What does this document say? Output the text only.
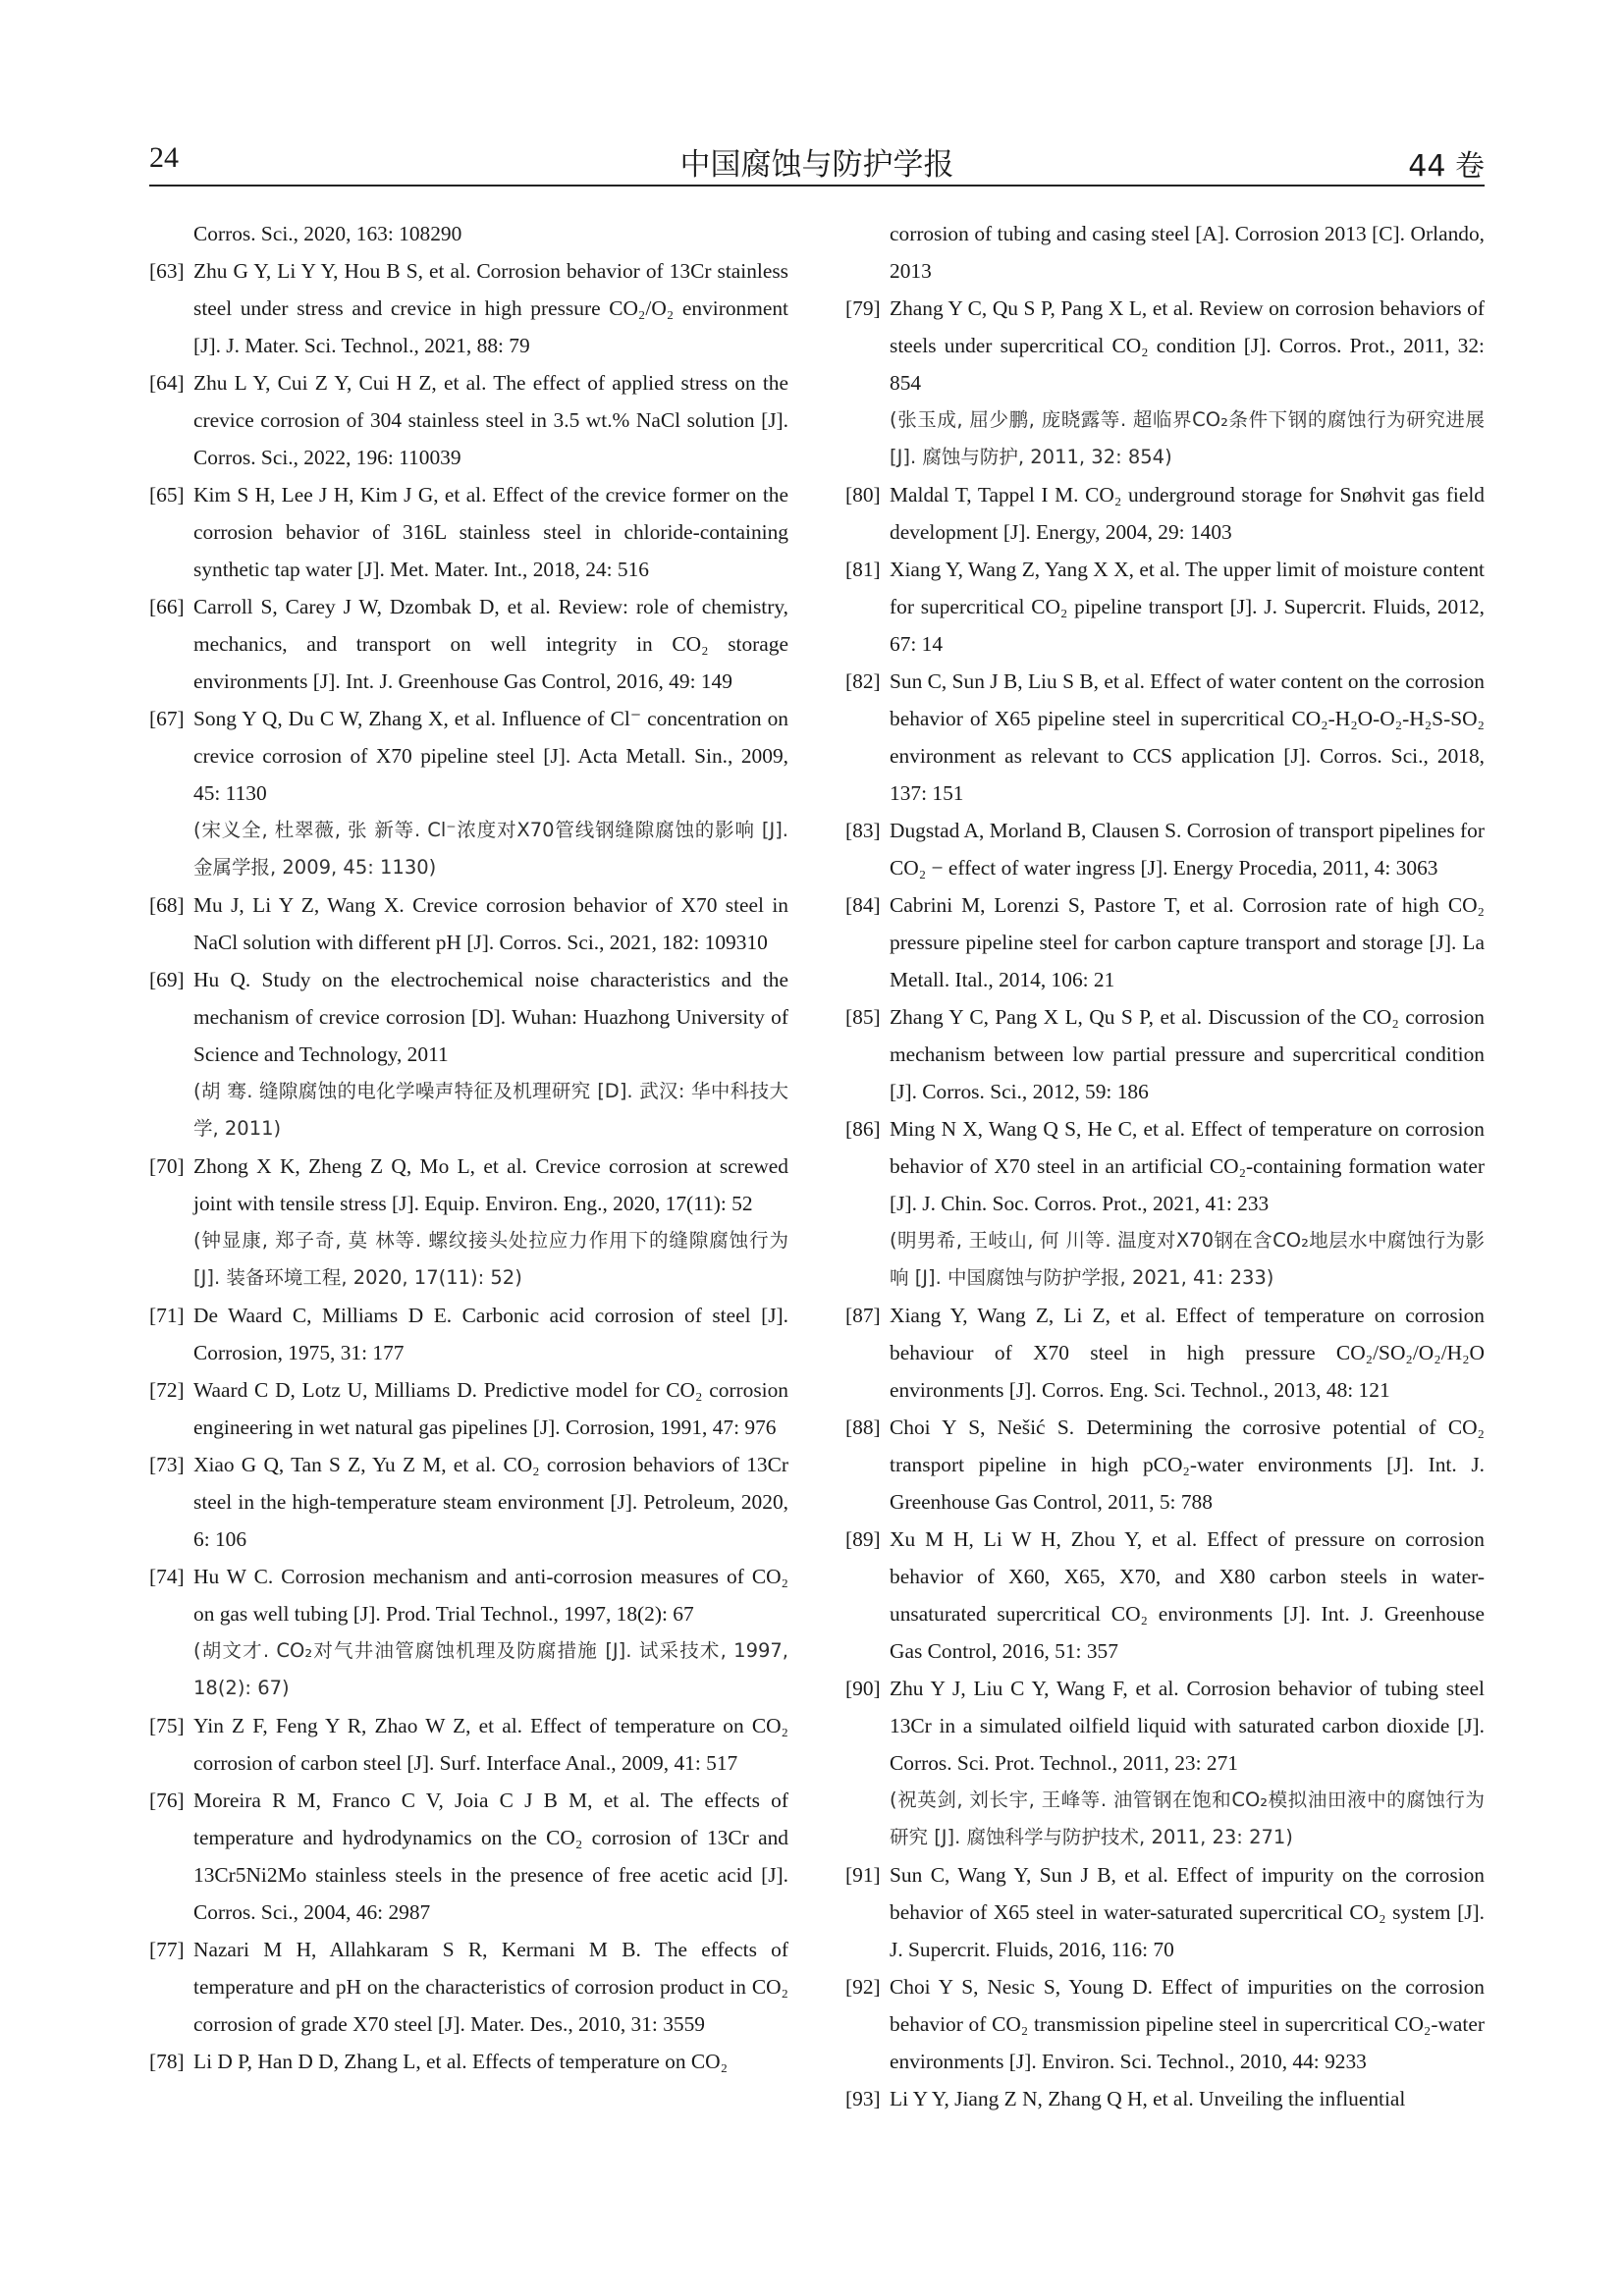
24	中国腐蚀与防护学报	44 卷
Corros. Sci., 2020, 163: 108290
[63] Zhu G Y, Li Y Y, Hou B S, et al. Corrosion behavior of 13Cr stainless steel under stress and crevice in high pressure CO₂/O₂ environment [J]. J. Mater. Sci. Technol., 2021, 88: 79
[64] Zhu L Y, Cui Z Y, Cui H Z, et al. The effect of applied stress on the crevice corrosion of 304 stainless steel in 3.5 wt.% NaCl solution [J]. Corros. Sci., 2022, 196: 110039
[65] Kim S H, Lee J H, Kim J G, et al. Effect of the crevice former on the corrosion behavior of 316L stainless steel in chloride-containing synthetic tap water [J]. Met. Mater. Int., 2018, 24: 516
[66] Carroll S, Carey J W, Dzombak D, et al. Review: role of chemistry, mechanics, and transport on well integrity in CO₂ storage environments [J]. Int. J. Greenhouse Gas Control, 2016, 49: 149
[67] Song Y Q, Du C W, Zhang X, et al. Influence of Cl⁻ concentration on crevice corrosion of X70 pipeline steel [J]. Acta Metall. Sin., 2009, 45: 1130
(宋义全, 杜翠薇, 张 新等. Cl⁻浓度对X70管线钢缝隙腐蚀的影响 [J]. 金属学报, 2009, 45: 1130)
[68] Mu J, Li Y Z, Wang X. Crevice corrosion behavior of X70 steel in NaCl solution with different pH [J]. Corros. Sci., 2021, 182: 109310
[69] Hu Q. Study on the electrochemical noise characteristics and the mechanism of crevice corrosion [D]. Wuhan: Huazhong University of Science and Technology, 2011
(胡 骞. 缝隙腐蚀的电化学噪声特征及机理研究 [D]. 武汉: 华中科技大学, 2011)
[70] Zhong X K, Zheng Z Q, Mo L, et al. Crevice corrosion at screwed joint with tensile stress [J]. Equip. Environ. Eng., 2020, 17(11): 52
(钟显康, 郑子奇, 莫 林等. 螺纹接头处拉应力作用下的缝隙腐蚀行为 [J]. 装备环境工程, 2020, 17(11): 52)
[71] De Waard C, Milliams D E. Carbonic acid corrosion of steel [J]. Corrosion, 1975, 31: 177
[72] Waard C D, Lotz U, Milliams D. Predictive model for CO₂ corrosion engineering in wet natural gas pipelines [J]. Corrosion, 1991, 47: 976
[73] Xiao G Q, Tan S Z, Yu Z M, et al. CO₂ corrosion behaviors of 13Cr steel in the high-temperature steam environment [J]. Petroleum, 2020, 6: 106
[74] Hu W C. Corrosion mechanism and anti-corrosion measures of CO₂ on gas well tubing [J]. Prod. Trial Technol., 1997, 18(2): 67
(胡文才. CO₂对气井油管腐蚀机理及防腐措施 [J]. 试采技术, 1997, 18(2): 67)
[75] Yin Z F, Feng Y R, Zhao W Z, et al. Effect of temperature on CO₂ corrosion of carbon steel [J]. Surf. Interface Anal., 2009, 41: 517
[76] Moreira R M, Franco C V, Joia C J B M, et al. The effects of temperature and hydrodynamics on the CO₂ corrosion of 13Cr and 13Cr5Ni2Mo stainless steels in the presence of free acetic acid [J]. Corros. Sci., 2004, 46: 2987
[77] Nazari M H, Allahkaram S R, Kermani M B. The effects of temperature and pH on the characteristics of corrosion product in CO₂ corrosion of grade X70 steel [J]. Mater. Des., 2010, 31: 3559
[78] Li D P, Han D D, Zhang L, et al. Effects of temperature on CO₂
corrosion of tubing and casing steel [A]. Corrosion 2013 [C]. Orlando, 2013
[79] Zhang Y C, Qu S P, Pang X L, et al. Review on corrosion behaviors of steels under supercritical CO₂ condition [J]. Corros. Prot., 2011, 32: 854
(张玉成, 屈少鹏, 庞晓露等. 超临界CO₂条件下钢的腐蚀行为研究进展 [J]. 腐蚀与防护, 2011, 32: 854)
[80] Maldal T, Tappel I M. CO₂ underground storage for Snøhvit gas field development [J]. Energy, 2004, 29: 1403
[81] Xiang Y, Wang Z, Yang X X, et al. The upper limit of moisture content for supercritical CO₂ pipeline transport [J]. J. Supercrit. Fluids, 2012, 67: 14
[82] Sun C, Sun J B, Liu S B, et al. Effect of water content on the corrosion behavior of X65 pipeline steel in supercritical CO₂-H₂O-O₂-H₂S-SO₂ environment as relevant to CCS application [J]. Corros. Sci., 2018, 137: 151
[83] Dugstad A, Morland B, Clausen S. Corrosion of transport pipelines for CO₂ − effect of water ingress [J]. Energy Procedia, 2011, 4: 3063
[84] Cabrini M, Lorenzi S, Pastore T, et al. Corrosion rate of high CO₂ pressure pipeline steel for carbon capture transport and storage [J]. La Metall. Ital., 2014, 106: 21
[85] Zhang Y C, Pang X L, Qu S P, et al. Discussion of the CO₂ corrosion mechanism between low partial pressure and supercritical condition [J]. Corros. Sci., 2012, 59: 186
[86] Ming N X, Wang Q S, He C, et al. Effect of temperature on corrosion behavior of X70 steel in an artificial CO₂-containing formation water [J]. J. Chin. Soc. Corros. Prot., 2021, 41: 233
(明男希, 王岐山, 何 川等. 温度对X70钢在含CO₂地层水中腐蚀行为影响 [J]. 中国腐蚀与防护学报, 2021, 41: 233)
[87] Xiang Y, Wang Z, Li Z, et al. Effect of temperature on corrosion behaviour of X70 steel in high pressure CO₂/SO₂/O₂/H₂O environments [J]. Corros. Eng. Sci. Technol., 2013, 48: 121
[88] Choi Y S, Nešić S. Determining the corrosive potential of CO₂ transport pipeline in high pCO₂-water environments [J]. Int. J. Greenhouse Gas Control, 2011, 5: 788
[89] Xu M H, Li W H, Zhou Y, et al. Effect of pressure on corrosion behavior of X60, X65, X70, and X80 carbon steels in water-unsaturated supercritical CO₂ environments [J]. Int. J. Greenhouse Gas Control, 2016, 51: 357
[90] Zhu Y J, Liu C Y, Wang F, et al. Corrosion behavior of tubing steel 13Cr in a simulated oilfield liquid with saturated carbon dioxide [J]. Corros. Sci. Prot. Technol., 2011, 23: 271
(祝英剑, 刘长宇, 王峰等. 油管钢在饱和CO₂模拟油田液中的腐蚀行为研究 [J]. 腐蚀科学与防护技术, 2011, 23: 271)
[91] Sun C, Wang Y, Sun J B, et al. Effect of impurity on the corrosion behavior of X65 steel in water-saturated supercritical CO₂ system [J]. J. Supercrit. Fluids, 2016, 116: 70
[92] Choi Y S, Nesic S, Young D. Effect of impurities on the corrosion behavior of CO₂ transmission pipeline steel in supercritical CO₂-water environments [J]. Environ. Sci. Technol., 2010, 44: 9233
[93] Li Y Y, Jiang Z N, Zhang Q H, et al. Unveiling the influential
